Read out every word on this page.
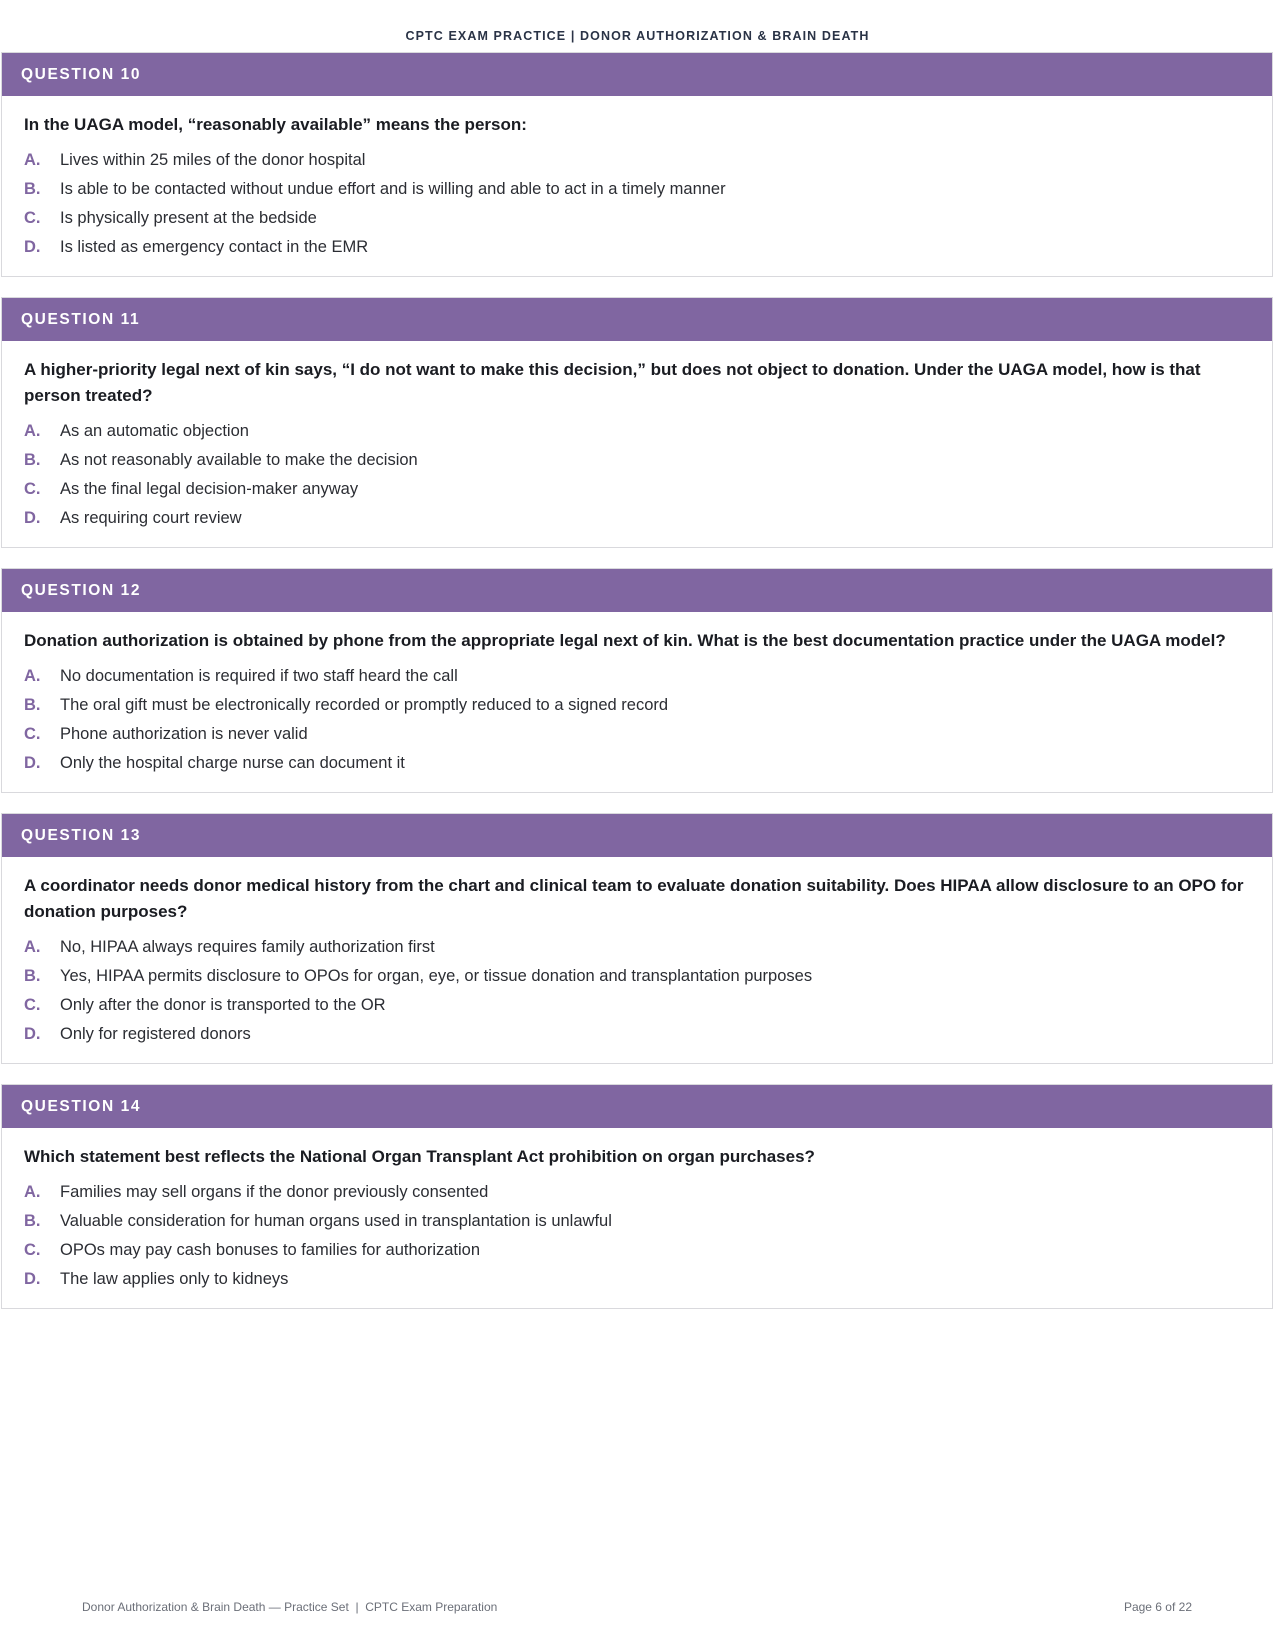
CPTC EXAM PRACTICE | DONOR AUTHORIZATION & BRAIN DEATH
QUESTION 10
In the UAGA model, “reasonably available” means the person:
A.	Lives within 25 miles of the donor hospital
B.	Is able to be contacted without undue effort and is willing and able to act in a timely manner
C.	Is physically present at the bedside
D.	Is listed as emergency contact in the EMR
QUESTION 11
A higher-priority legal next of kin says, “I do not want to make this decision,” but does not object to donation. Under the UAGA model, how is that person treated?
A.	As an automatic objection
B.	As not reasonably available to make the decision
C.	As the final legal decision-maker anyway
D.	As requiring court review
QUESTION 12
Donation authorization is obtained by phone from the appropriate legal next of kin. What is the best documentation practice under the UAGA model?
A.	No documentation is required if two staff heard the call
B.	The oral gift must be electronically recorded or promptly reduced to a signed record
C.	Phone authorization is never valid
D.	Only the hospital charge nurse can document it
QUESTION 13
A coordinator needs donor medical history from the chart and clinical team to evaluate donation suitability. Does HIPAA allow disclosure to an OPO for donation purposes?
A.	No, HIPAA always requires family authorization first
B.	Yes, HIPAA permits disclosure to OPOs for organ, eye, or tissue donation and transplantation purposes
C.	Only after the donor is transported to the OR
D.	Only for registered donors
QUESTION 14
Which statement best reflects the National Organ Transplant Act prohibition on organ purchases?
A.	Families may sell organs if the donor previously consented
B.	Valuable consideration for human organs used in transplantation is unlawful
C.	OPOs may pay cash bonuses to families for authorization
D.	The law applies only to kidneys
Donor Authorization & Brain Death — Practice Set  |  CPTC Exam Preparation	Page 6 of 22
